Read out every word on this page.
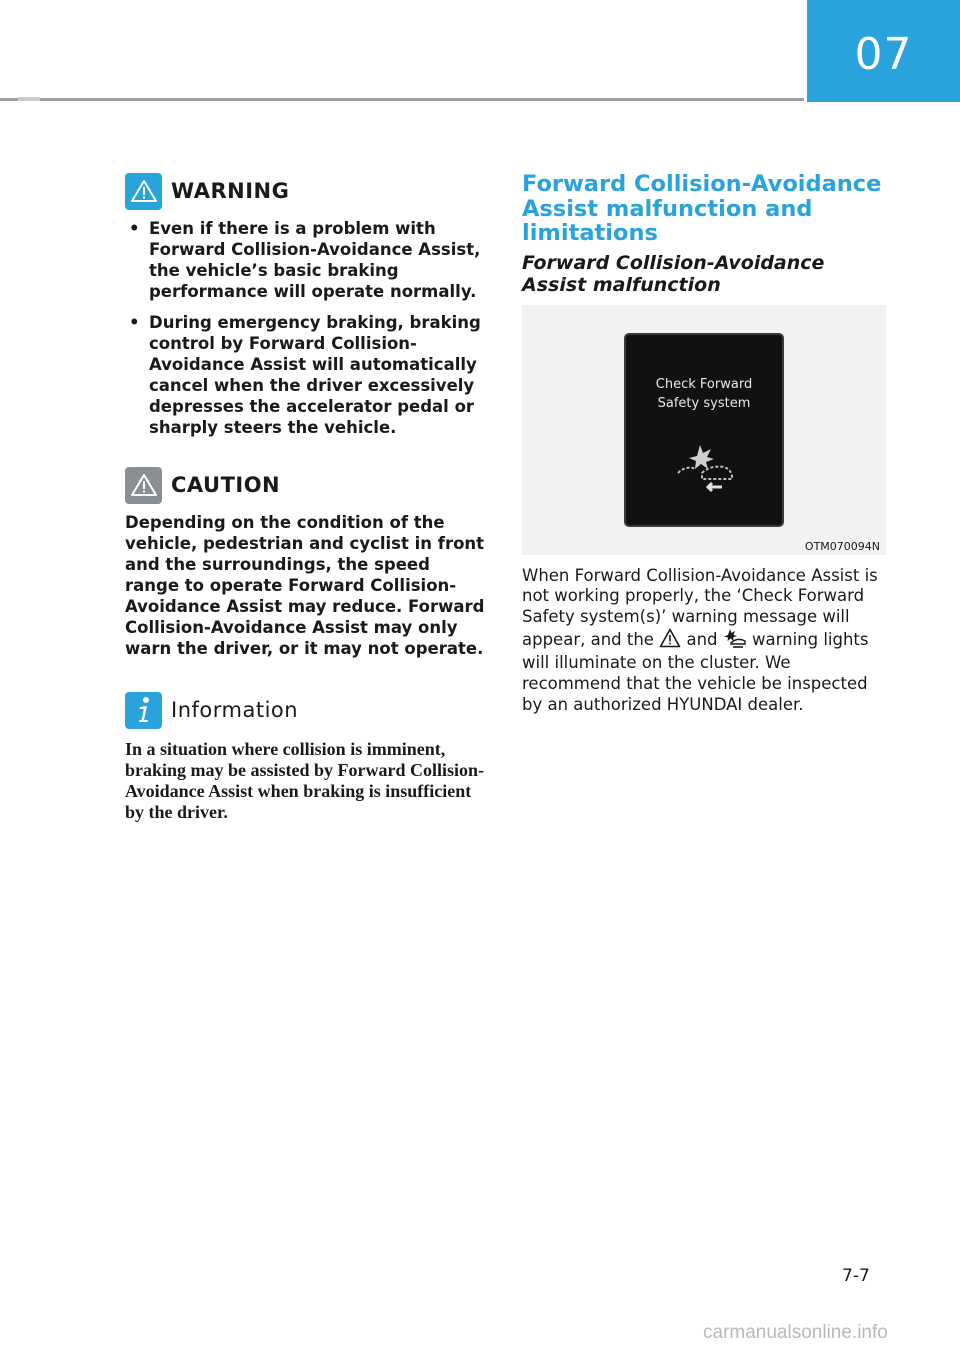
07
WARNING
• Even if there is a problem with Forward Collision-Avoidance Assist, the vehicle’s basic braking performance will operate normally.
• During emergency braking, braking control by Forward Collision-Avoidance Assist will automatically cancel when the driver excessively depresses the accelerator pedal or sharply steers the vehicle.
CAUTION

Depending on the condition of the vehicle, pedestrian and cyclist in front and the surroundings, the speed range to operate Forward Collision-Avoidance Assist may reduce. Forward Collision-Avoidance Assist may only warn the driver, or it may not operate.

Information

In a situation where collision is imminent, braking may be assisted by Forward Collision-Avoidance Assist when braking is insufficient by the driver.

Forward Collision-Avoidance Assist malfunction and limitations
Forward Collision-Avoidance Assist malfunction
Check Forward
Safety system
OTM070094N

When Forward Collision-Avoidance Assist is not working properly, the ‘Check Forward Safety system(s)’ warning message will appear, and the and warning lights will illuminate on the cluster. We recommend that the vehicle be inspected by an authorized HYUNDAI dealer.

7-7
carmanualsonline.info
